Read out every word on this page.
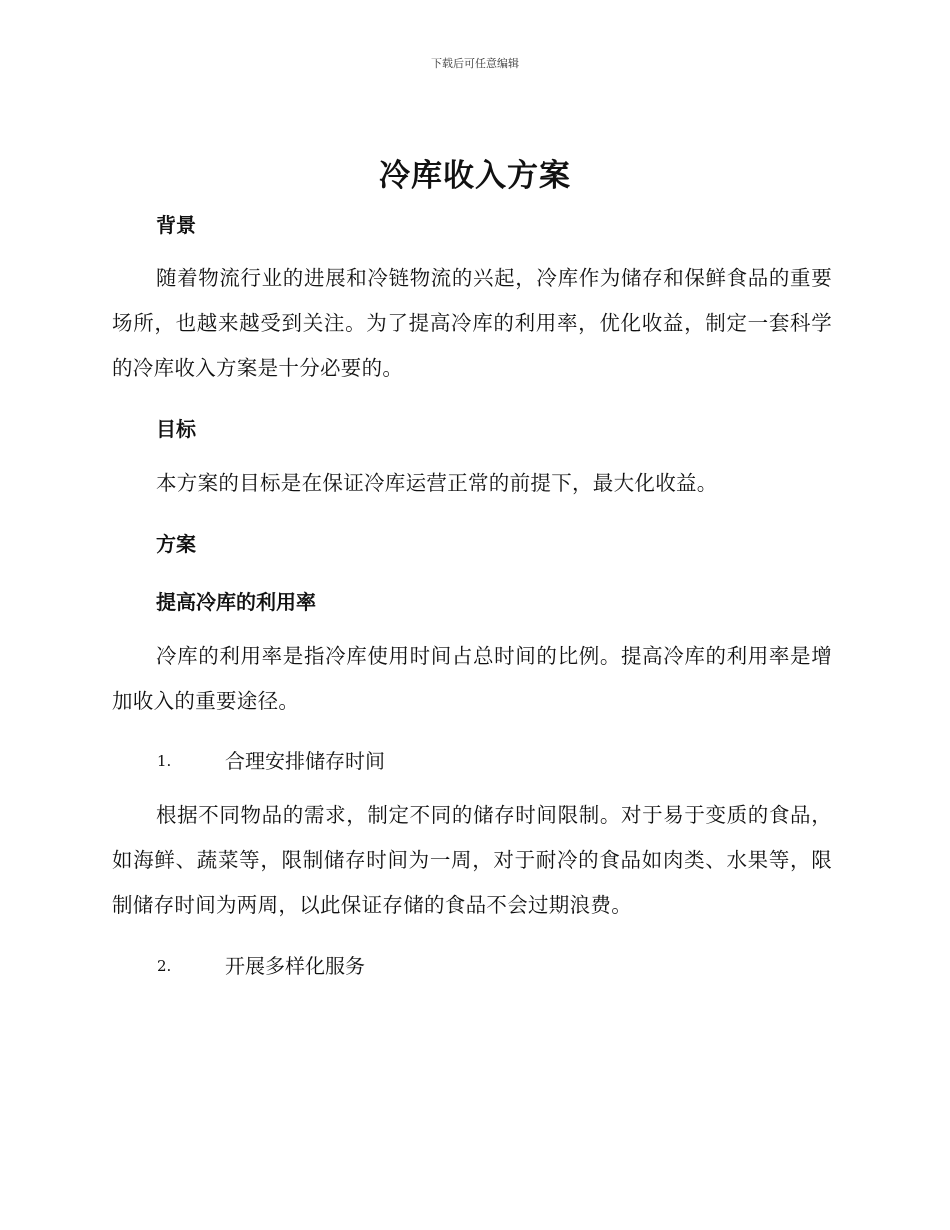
下载后可任意编辑
冷库收入方案
背景
随着物流行业的进展和冷链物流的兴起，冷库作为储存和保鲜食品的重要场所，也越来越受到关注。为了提高冷库的利用率，优化收益，制定一套科学的冷库收入方案是十分必要的。
目标
本方案的目标是在保证冷库运营正常的前提下，最大化收益。
方案
提高冷库的利用率
冷库的利用率是指冷库使用时间占总时间的比例。提高冷库的利用率是增加收入的重要途径。
1.	合理安排储存时间
根据不同物品的需求，制定不同的储存时间限制。对于易于变质的食品，如海鲜、蔬菜等，限制储存时间为一周，对于耐冷的食品如肉类、水果等，限制储存时间为两周，以此保证存储的食品不会过期浪费。
2.	开展多样化服务
